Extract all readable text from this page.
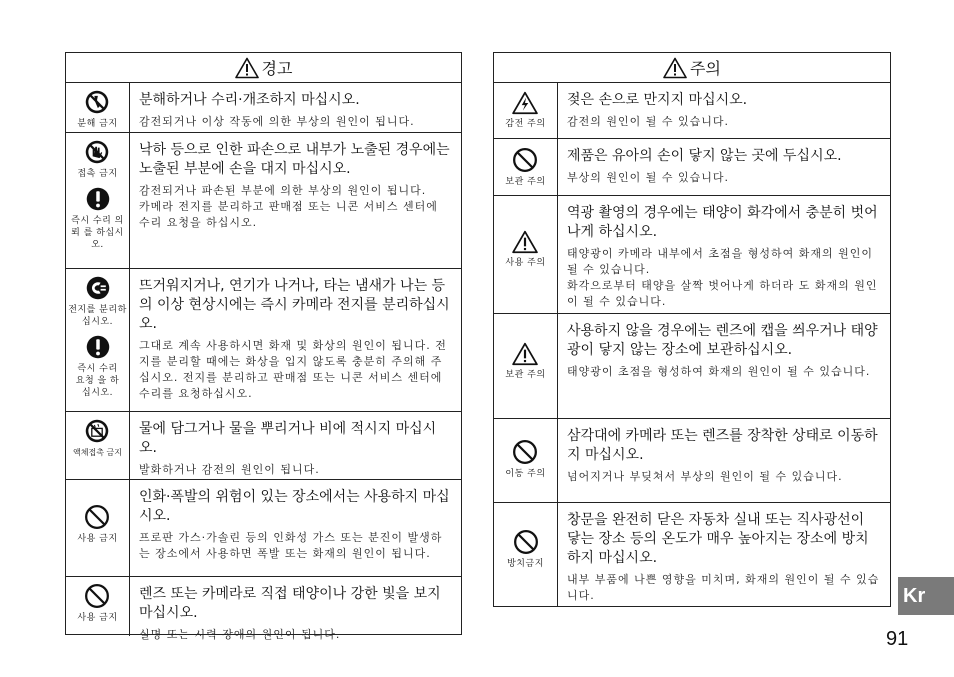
경고
분해 금지
분해하거나 수리·개조하지 마십시오.
감전되거나 이상 작동에 의한 부상의 원인이 됩니다.
접촉 금지
즉시 수리 의뢰 를 하십시오.
낙하 등으로 인한 파손으로 내부가 노출된 경우에는 노출된 부분에 손을 대지 마십시오.
감전되거나 파손된 부분에 의한 부상의 원인이 됩니다.
카메라 전지를 분리하고 판매점 또는 니콘 서비스 센터에 수리 요청을 하십시오.
전지를 분리하십시오.
즉시 수리 요청 을 하 십시오.
뜨거워지거나, 연기가 나거나, 타는 냄새가 나는 등의 이상 현상시에는 즉시 카메라 전지를 분리하십시오.
그대로 계속 사용하시면 화재 및 화상의 원인이 됩니다. 전지를 분리할 때에는 화상을 입지 않도록 충분히 주의해 주십시오. 전지를 분리하고 판매점 또는 니콘 서비스 센터에 수리를 요청하십시오.
액체접촉 금지
물에 담그거나 물을 뿌리거나 비에 적시지 마십시오.
발화하거나 감전의 원인이 됩니다.
사용 금지
인화·폭발의 위험이 있는 장소에서는 사용하지 마십시오.
프로판 가스·가솔린 등의 인화성 가스 또는 분진이 발생하는 장소에서 사용하면 폭발 또는 화재의 원인이 됩니다.
사용 금지
렌즈 또는 카메라로 직접 태양이나 강한 빛을 보지 마십시오.
실명 또는 시력 장애의 원인이 됩니다.
주의
감전 주의
젖은 손으로 만지지 마십시오.
감전의 원인이 될 수 있습니다.
보관 주의
제품은 유아의 손이 닿지 않는 곳에 두십시오.
부상의 원인이 될 수 있습니다.
사용 주의
역광 촬영의 경우에는 태양이 화각에서 충분히 벗어나게 하십시오.
태양광이 카메라 내부에서 초점을 형성하여 화재의 원인이 될 수 있습니다.
화각으로부터 태양을 살짝 벗어나게 하더라 도 화재의 원인이 될 수 있습니다.
보관 주의
사용하지 않을 경우에는 렌즈에 캡을 씌우거나 태양광이 닿지 않는 장소에 보관하십시오.
태양광이 초점을 형성하여 화재의 원인이 될 수 있습니다.
이동 주의
삼각대에 카메라 또는 렌즈를 장착한 상태로 이동하지 마십시오.
넘어지거나 부딪쳐서 부상의 원인이 될 수 있습니다.
방치금지
창문을 완전히 닫은 자동차 실내 또는 직사광선이 닿는 장소 등의 온도가 매우 높아지는 장소에 방치하지 마십시오.
내부 부품에 나쁜 영향을 미치며, 화재의 원인이 될 수 있습니다.	Kr
91
